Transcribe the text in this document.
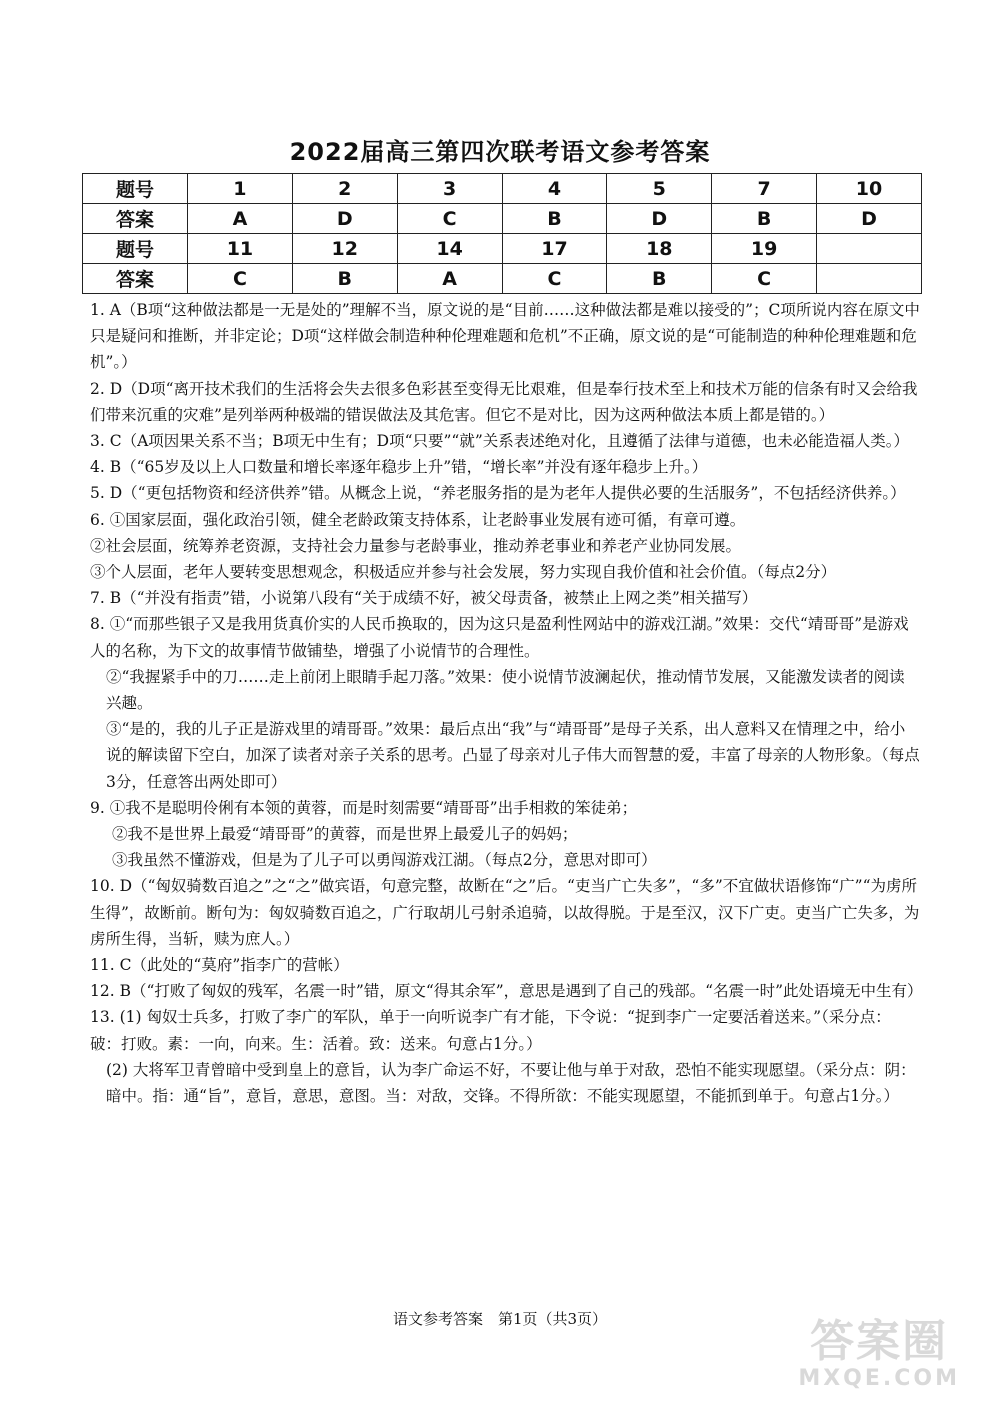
2022届高三第四次联考语文参考答案
题号	1	2	3	4	5	7	10
答案	A	D	C	B	D	B	D
题号	11	12	14	17	18	19	
答案	C	B	A	C	B	C	

1. A（B项“这种做法都是一无是处的”理解不当，原文说的是“目前……这种做法都是难以接受的”；C项所说内容在原文中只是疑问和推断，并非定论；D项“这样做会制造种种伦理难题和危机”不正确，原文说的是“可能制造的种种伦理难题和危机”。）

2. D（D项“离开技术我们的生活将会失去很多色彩甚至变得无比艰难，但是奉行技术至上和技术万能的信条有时又会给我们带来沉重的灾难”是列举两种极端的错误做法及其危害。但它不是对比，因为这两种做法本质上都是错的。）

3. C（A项因果关系不当；B项无中生有；D项“只要”“就”关系表述绝对化，且遵循了法律与道德，也未必能造福人类。）

4. B（“65岁及以上人口数量和增长率逐年稳步上升”错，“增长率”并没有逐年稳步上升。）

5. D（“更包括物资和经济供养”错。从概念上说，“养老服务指的是为老年人提供必要的生活服务”，不包括经济供养。）

6. ①国家层面，强化政治引领，健全老龄政策支持体系，让老龄事业发展有迹可循，有章可遵。

②社会层面，统筹养老资源，支持社会力量参与老龄事业，推动养老事业和养老产业协同发展。

③个人层面，老年人要转变思想观念，积极适应并参与社会发展，努力实现自我价值和社会价值。（每点2分）

7. B（“并没有指责”错，小说第八段有“关于成绩不好，被父母责备，被禁止上网之类”相关描写）

8. ①“而那些银子又是我用货真价实的人民币换取的，因为这只是盈利性网站中的游戏江湖。”效果：交代“靖哥哥”是游戏人的名称，为下文的故事情节做铺垫，增强了小说情节的合理性。

②“我握紧手中的刀……走上前闭上眼睛手起刀落。”效果：使小说情节波澜起伏，推动情节发展，又能激发读者的阅读兴趣。

③“是的，我的儿子正是游戏里的靖哥哥。”效果：最后点出“我”与“靖哥哥”是母子关系，出人意料又在情理之中，给小说的解读留下空白，加深了读者对亲子关系的思考。凸显了母亲对儿子伟大而智慧的爱，丰富了母亲的人物形象。（每点3分，任意答出两处即可）

9. ①我不是聪明伶俐有本领的黄蓉，而是时刻需要“靖哥哥”出手相救的笨徒弟；

②我不是世界上最爱“靖哥哥”的黄蓉，而是世界上最爱儿子的妈妈；

③我虽然不懂游戏，但是为了儿子可以勇闯游戏江湖。（每点2分，意思对即可）

10. D（“匈奴骑数百追之”之“之”做宾语，句意完整，故断在“之”后。“吏当广亡失多”，“多”不宜做状语修饰“广”“为虏所生得”，故断前。断句为：匈奴骑数百追之，广行取胡儿弓射杀追骑，以故得脱。于是至汉，汉下广吏。吏当广亡失多，为虏所生得，当斩，赎为庶人。）

11. C（此处的“莫府”指李广的营帐）

12. B（“打败了匈奴的残军，名震一时”错，原文“得其余军”，意思是遇到了自己的残部。“名震一时”此处语境无中生有）

13. (1) 匈奴士兵多，打败了李广的军队，单于一向听说李广有才能，下令说：“捉到李广一定要活着送来。”（采分点：破：打败。素：一向，向来。生：活着。致：送来。句意占1分。）

(2) 大将军卫青曾暗中受到皇上的意旨，认为李广命运不好，不要让他与单于对敌，恐怕不能实现愿望。（采分点：阴：暗中。指：通“旨”，意旨，意思，意图。当：对敌，交锋。不得所欲：不能实现愿望，不能抓到单于。句意占1分。）

语文参考答案　第1页（共3页）	答案圈
MXQE.COM
